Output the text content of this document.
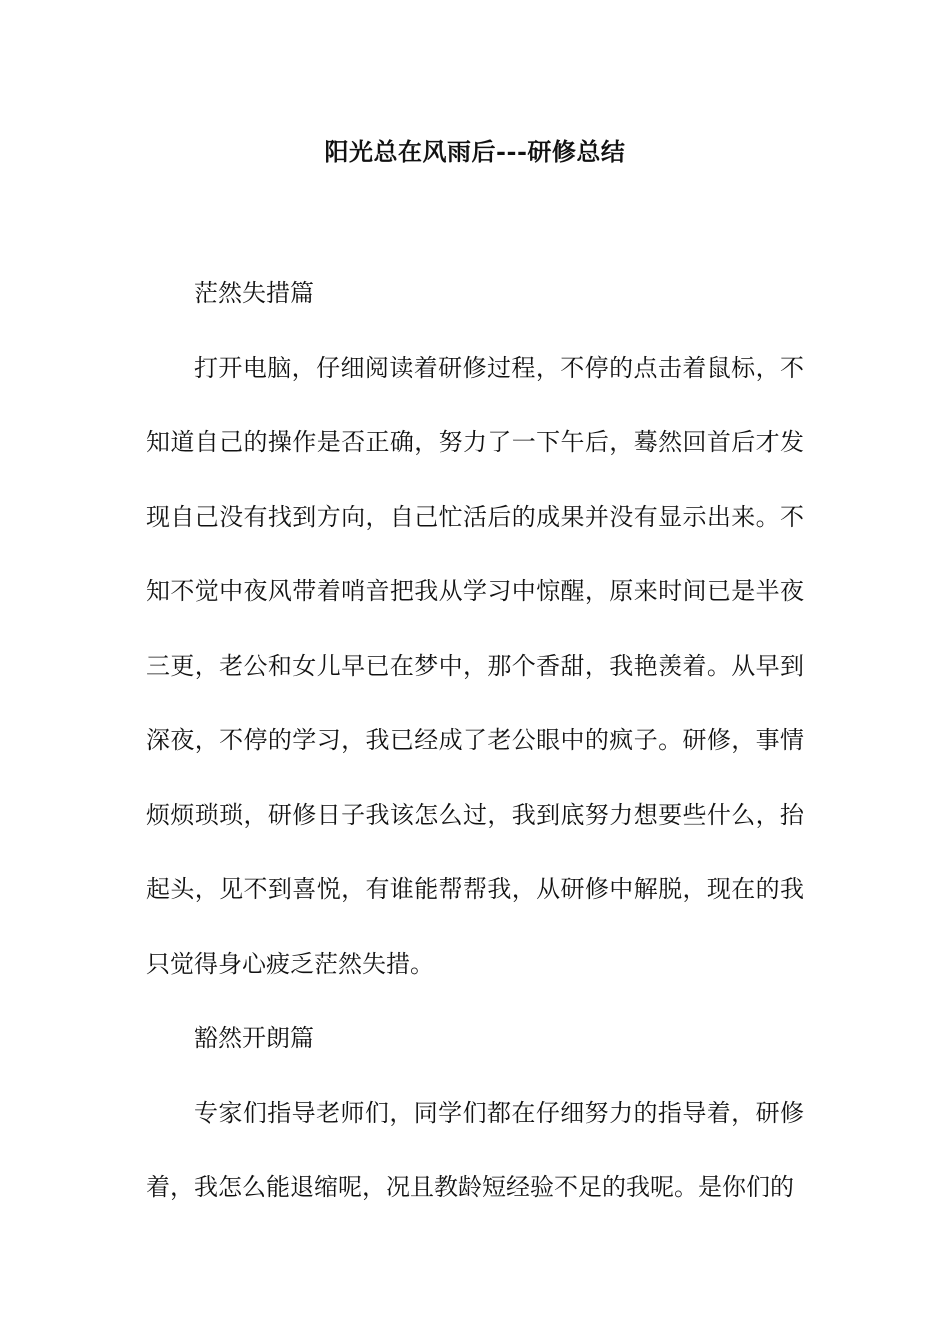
阳光总在风雨后---研修总结

茫然失措篇

打开电脑，仔细阅读着研修过程，不停的点击着鼠标，不知道自己的操作是否正确，努力了一下午后，蓦然回首后才发现自己没有找到方向，自己忙活后的成果并没有显示出来。不知不觉中夜风带着哨音把我从学习中惊醒，原来时间已是半夜三更，老公和女儿早已在梦中，那个香甜，我艳羡着。从早到深夜，不停的学习，我已经成了老公眼中的疯子。研修，事情烦烦琐琐，研修日子我该怎么过，我到底努力想要些什么，抬起头，见不到喜悦，有谁能帮帮我，从研修中解脱，现在的我只觉得身心疲乏茫然失措。

豁然开朗篇

专家们指导老师们，同学们都在仔细努力的指导着，研修着，我怎么能退缩呢，况且教龄短经验不足的我呢。是你们的
